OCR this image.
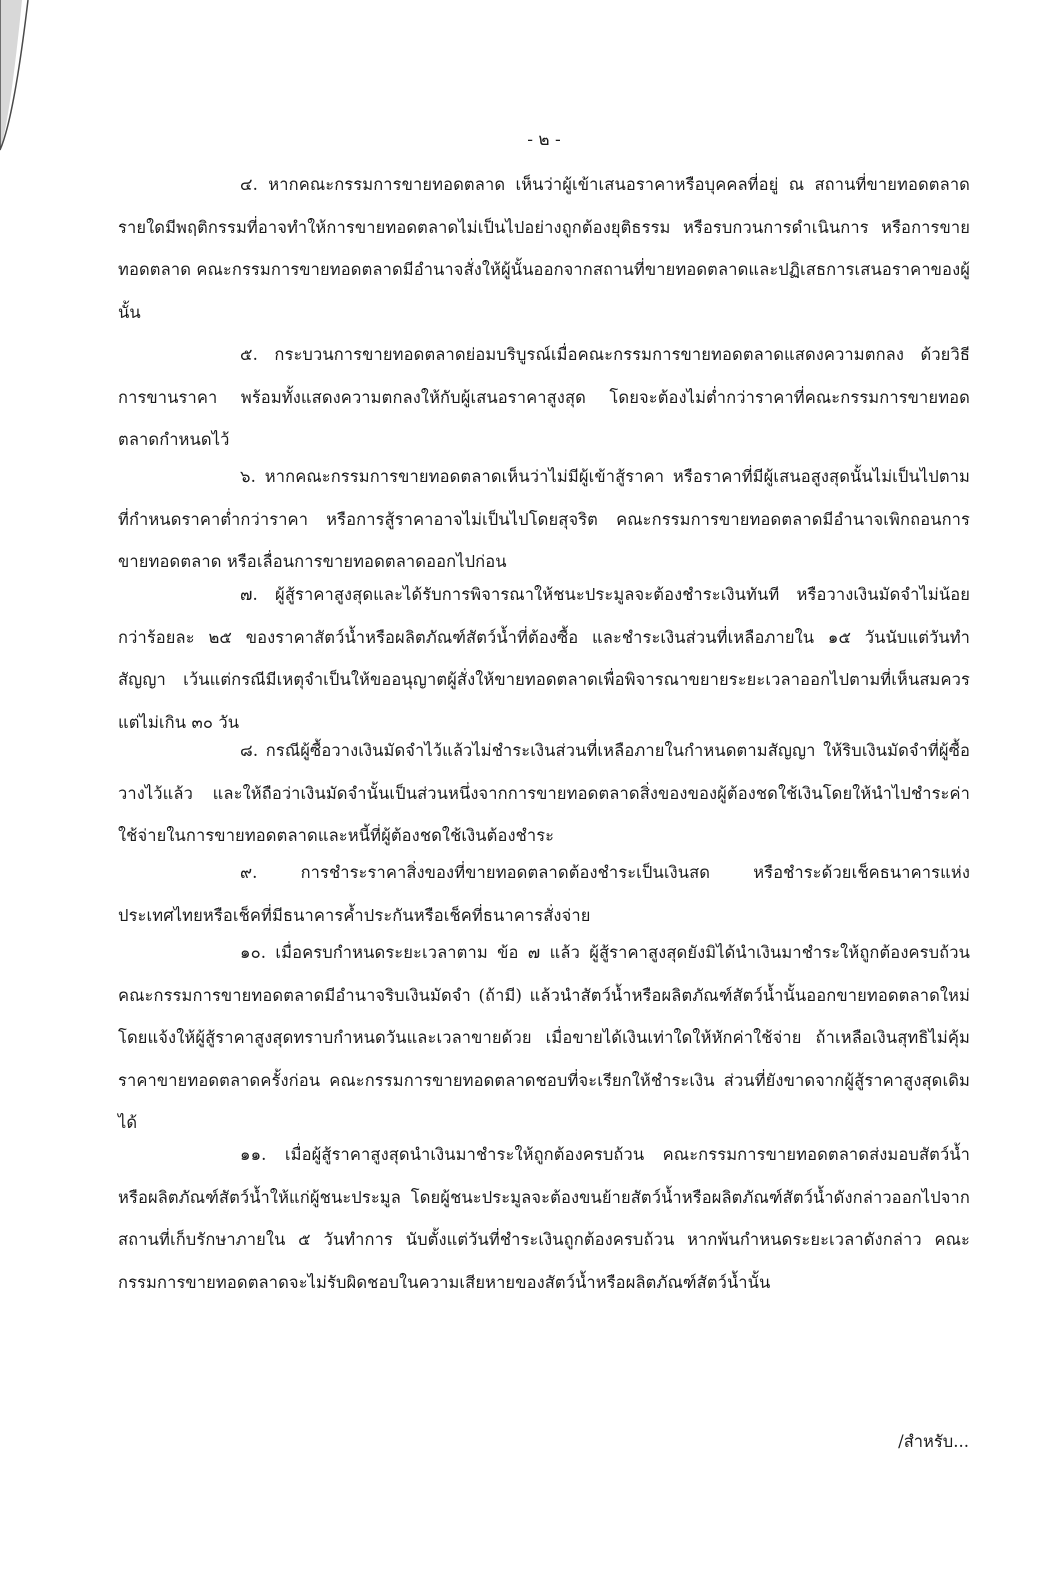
- ๒ -
๔. หากคณะกรรมการขายทอดตลาด เห็นว่าผู้เข้าเสนอราคาหรือบุคคลที่อยู่ ณ สถานที่ขายทอดตลาดรายใดมีพฤติกรรมที่อาจทำให้การขายทอดตลาดไม่เป็นไปอย่างถูกต้องยุติธรรม หรือรบกวนการดำเนินการ หรือการขายทอดตลาด คณะกรรมการขายทอดตลาดมีอำนาจสั่งให้ผู้นั้นออกจากสถานที่ขายทอดตลาดและปฏิเสธการเสนอราคาของผู้นั้น
๕. กระบวนการขายทอดตลาดย่อมบริบูรณ์เมื่อคณะกรรมการขายทอดตลาดแสดงความตกลง ด้วยวิธีการขานราคา พร้อมทั้งแสดงความตกลงให้กับผู้เสนอราคาสูงสุด โดยจะต้องไม่ต่ำกว่าราคาที่คณะกรรมการขายทอดตลาดกำหนดไว้
๖. หากคณะกรรมการขายทอดตลาดเห็นว่าไม่มีผู้เข้าสู้ราคา หรือราคาที่มีผู้เสนอสูงสุดนั้นไม่เป็นไปตามที่กำหนดราคาต่ำกว่าราคา หรือการสู้ราคาอาจไม่เป็นไปโดยสุจริต คณะกรรมการขายทอดตลาดมีอำนาจเพิกถอนการขายทอดตลาด หรือเลื่อนการขายทอดตลาดออกไปก่อน
๗. ผู้สู้ราคาสูงสุดและได้รับการพิจารณาให้ชนะประมูลจะต้องชำระเงินทันที หรือวางเงินมัดจำไม่น้อยกว่าร้อยละ ๒๕ ของราคาสัตว์น้ำหรือผลิตภัณฑ์สัตว์น้ำที่ต้องซื้อ และชำระเงินส่วนที่เหลือภายใน ๑๕ วันนับแต่วันทำสัญญา เว้นแต่กรณีมีเหตุจำเป็นให้ขออนุญาตผู้สั่งให้ขายทอดตลาดเพื่อพิจารณาขยายระยะเวลาออกไปตามที่เห็นสมควร แต่ไม่เกิน ๓๐ วัน
๘. กรณีผู้ซื้อวางเงินมัดจำไว้แล้วไม่ชำระเงินส่วนที่เหลือภายในกำหนดตามสัญญา ให้ริบเงินมัดจำที่ผู้ซื้อวางไว้แล้ว และให้ถือว่าเงินมัดจำนั้นเป็นส่วนหนึ่งจากการขายทอดตลาดสิ่งของของผู้ต้องชดใช้เงินโดยให้นำไปชำระค่าใช้จ่ายในการขายทอดตลาดและหนี้ที่ผู้ต้องชดใช้เงินต้องชำระ
๙. การชำระราคาสิ่งของที่ขายทอดตลาดต้องชำระเป็นเงินสด หรือชำระด้วยเช็คธนาคารแห่งประเทศไทยหรือเช็คที่มีธนาคารค้ำประกันหรือเช็คที่ธนาคารสั่งจ่าย
๑๐. เมื่อครบกำหนดระยะเวลาตาม ข้อ ๗ แล้ว ผู้สู้ราคาสูงสุดยังมิได้นำเงินมาชำระให้ถูกต้องครบถ้วน คณะกรรมการขายทอดตลาดมีอำนาจริบเงินมัดจำ (ถ้ามี) แล้วนำสัตว์น้ำหรือผลิตภัณฑ์สัตว์น้ำนั้นออกขายทอดตลาดใหม่โดยแจ้งให้ผู้สู้ราคาสูงสุดทราบกำหนดวันและเวลาขายด้วย เมื่อขายได้เงินเท่าใดให้หักค่าใช้จ่าย ถ้าเหลือเงินสุทธิไม่คุ้มราคาขายทอดตลาดครั้งก่อน คณะกรรมการขายทอดตลาดชอบที่จะเรียกให้ชำระเงิน ส่วนที่ยังขาดจากผู้สู้ราคาสูงสุดเดิมได้
๑๑. เมื่อผู้สู้ราคาสูงสุดนำเงินมาชำระให้ถูกต้องครบถ้วน คณะกรรมการขายทอดตลาดส่งมอบสัตว์น้ำหรือผลิตภัณฑ์สัตว์น้ำให้แก่ผู้ชนะประมูล โดยผู้ชนะประมูลจะต้องขนย้ายสัตว์น้ำหรือผลิตภัณฑ์สัตว์น้ำดังกล่าวออกไปจากสถานที่เก็บรักษาภายใน ๕ วันทำการ นับตั้งแต่วันที่ชำระเงินถูกต้องครบถ้วน หากพ้นกำหนดระยะเวลาดังกล่าว คณะกรรมการขายทอดตลาดจะไม่รับผิดชอบในความเสียหายของสัตว์น้ำหรือผลิตภัณฑ์สัตว์น้ำนั้น
/สำหรับ...
